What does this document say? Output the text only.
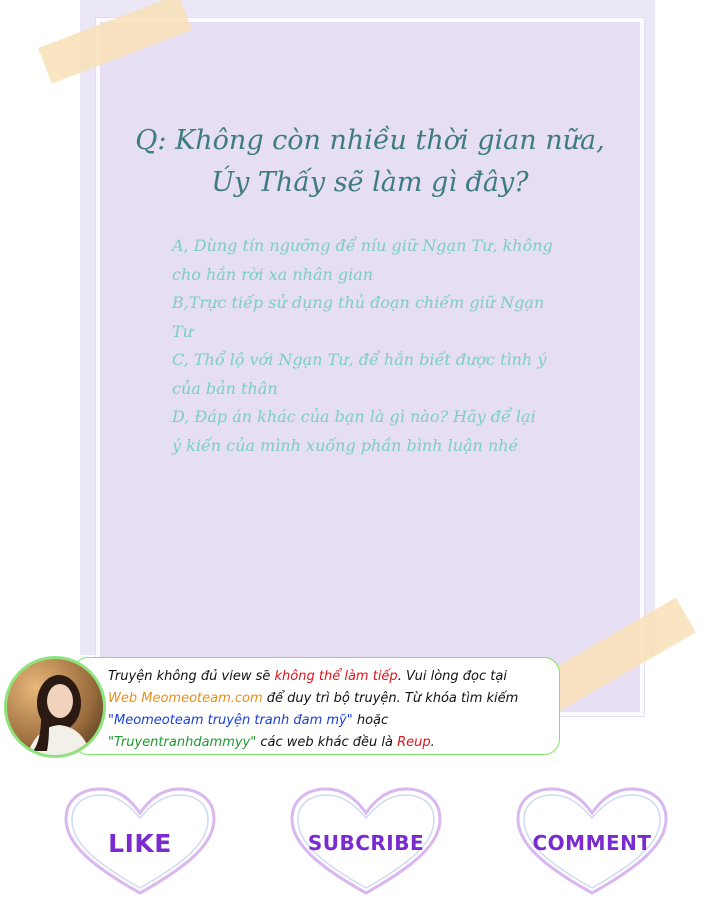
Q: Không còn nhiều thời gian nữa,
Úy Thấy sẽ làm gì đây?
A, Dùng tín ngưỡng để níu giữ Ngạn Tư, không
cho hắn rời xa nhân gian
B,Trực tiếp sử dụng thủ đoạn chiếm giữ Ngạn
Tư
C, Thổ lộ với Ngạn Tư, để hắn biết được tình ý
của bản thân
D, Đáp án khác của bạn là gì nào? Hãy để lại
ý kiến của mình xuống phần bình luận nhé
Truyện không đủ view sẽ không thể làm tiếp. Vui lòng đọc tại
Web Meomeoteam.com để duy trì bộ truyện. Từ khóa tìm kiếm
"Meomeoteam truyện tranh đam mỹ" hoặc
"Truyentranhdammyy" các web khác đều là Reup.
LIKE	SUBCRIBE	COMMENT
